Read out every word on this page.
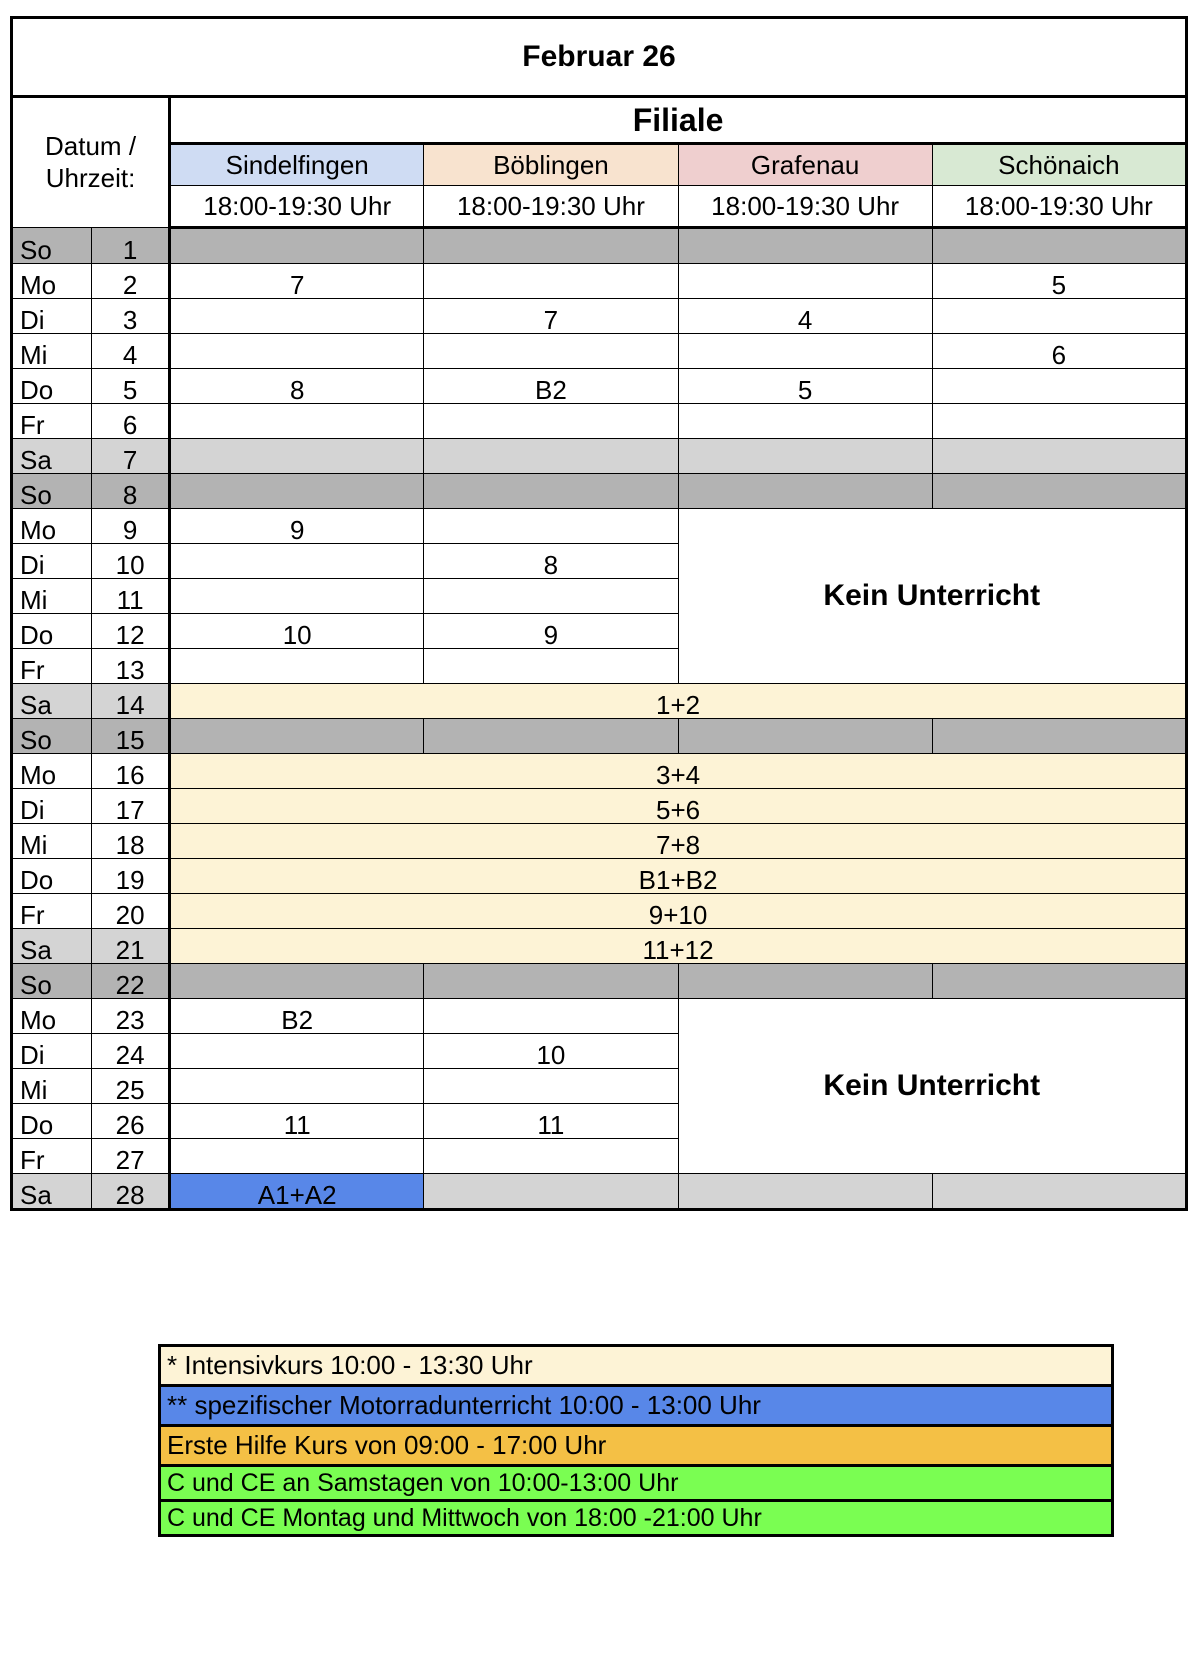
Februar 26					
Datum / Uhrzeit:		Filiale			
		Sindelfingen	Böblingen	Grafenau	Schönaich
		18:00-19:30 Uhr	18:00-19:30 Uhr	18:00-19:30 Uhr	18:00-19:30 Uhr
So	1				
Mo	2	7			5
Di	3		7	4	
Mi	4				6
Do	5	8	B2	5	
Fr	6				
Sa	7				
So	8				
Mo	9	9		Kein Unterricht	
Di	10		8		
Mi	11				
Do	12	10	9		
Fr	13				
Sa	14	1+2			
So	15				
Mo	16	3+4			
Di	17	5+6			
Mi	18	7+8			
Do	19	B1+B2			
Fr	20	9+10			
Sa	21	11+12			
So	22				
Mo	23	B2		Kein Unterricht	
Di	24		10		
Mi	25				
Do	26	11	11		
Fr	27				
Sa	28	A1+A2			
* Intensivkurs 10:00 - 13:30 Uhr
** spezifischer Motorradunterricht 10:00 - 13:00 Uhr
Erste Hilfe Kurs von 09:00 - 17:00 Uhr
C und CE an Samstagen von 10:00-13:00 Uhr
C und CE Montag und Mittwoch von 18:00 -21:00 Uhr
